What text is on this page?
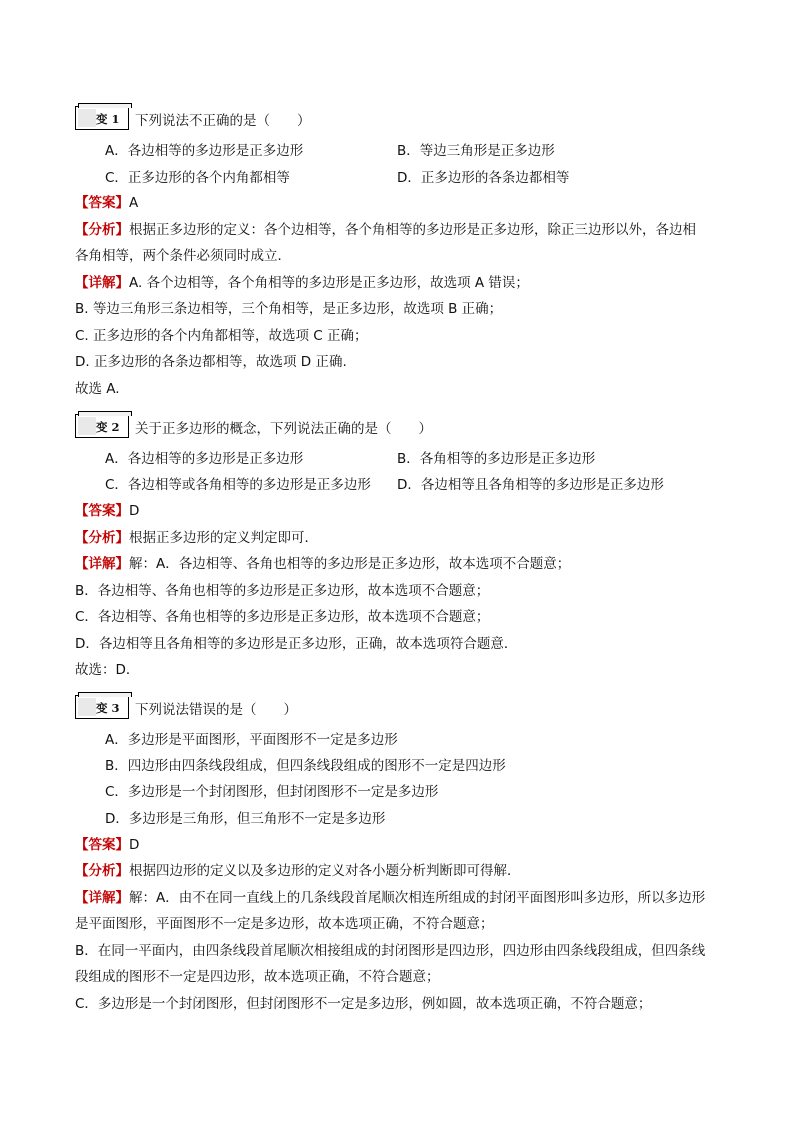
变 1 下列说法不正确的是（　　）
A．各边相等的多边形是正多边形	B．等边三角形是正多边形
C．正多边形的各个内角都相等	D．正多边形的各条边都相等
【答案】A
【分析】根据正多边形的定义：各个边相等，各个角相等的多边形是正多边形，除正三边形以外，各边相
各角相等，两个条件必须同时成立．
【详解】A. 各个边相等，各个角相等的多边形是正多边形，故选项 A 错误；
B. 等边三角形三条边相等，三个角相等，是正多边形，故选项 B 正确；
C. 正多边形的各个内角都相等，故选项 C 正确；
D. 正多边形的各条边都相等，故选项 D 正确.
故选 A.
变 2 关于正多边形的概念，下列说法正确的是（　　）
A．各边相等的多边形是正多边形	B．各角相等的多边形是正多边形
C．各边相等或各角相等的多边形是正多边形 D．各边相等且各角相等的多边形是正多边形
【答案】D
【分析】根据正多边形的定义判定即可．
【详解】解：A．各边相等、各角也相等的多边形是正多边形，故本选项不合题意；
B．各边相等、各角也相等的多边形是正多边形，故本选项不合题意；
C．各边相等、各角也相等的多边形是正多边形，故本选项不合题意；
D．各边相等且各角相等的多边形是正多边形，正确，故本选项符合题意．
故选：D．
变 3 下列说法错误的是（　　）
A．多边形是平面图形，平面图形不一定是多边形
B．四边形由四条线段组成，但四条线段组成的图形不一定是四边形
C．多边形是一个封闭图形，但封闭图形不一定是多边形
D．多边形是三角形，但三角形不一定是多边形
【答案】D
【分析】根据四边形的定义以及多边形的定义对各小题分析判断即可得解．
【详解】解：A．由不在同一直线上的几条线段首尾顺次相连所组成的封闭平面图形叫多边形，所以多边形
是平面图形，平面图形不一定是多边形，故本选项正确，不符合题意；
B．在同一平面内，由四条线段首尾顺次相接组成的封闭图形是四边形，四边形由四条线段组成，但四条线
段组成的图形不一定是四边形，故本选项正确，不符合题意；
C．多边形是一个封闭图形，但封闭图形不一定是多边形，例如圆，故本选项正确，不符合题意；
